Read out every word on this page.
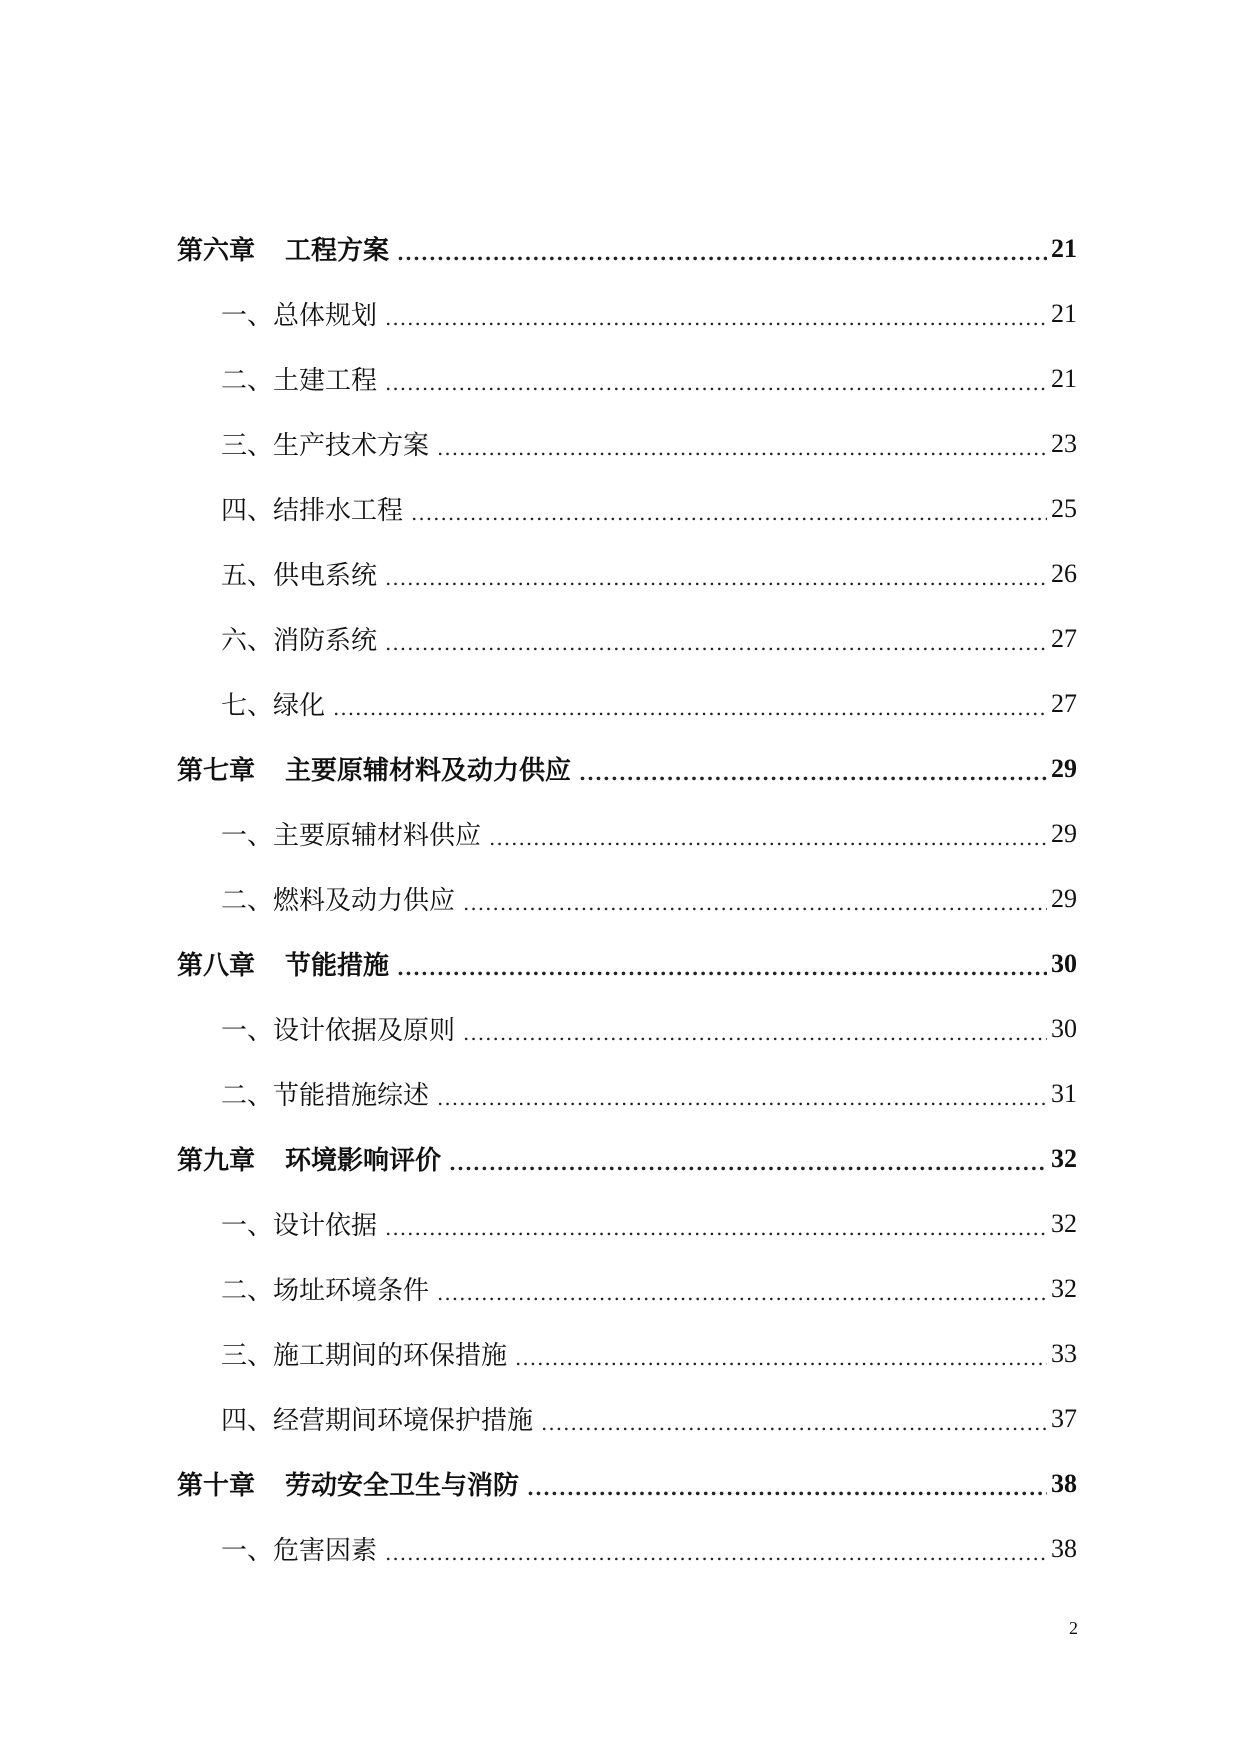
第六章 工程方案 .....	21
一、总体规划 .....	21
二、土建工程 .....	21
三、生产技术方案 .....	23
四、结排水工程 .....	25
五、供电系统 .....	26
六、消防系统 .....	27
七、绿化 .....	27
第七章 主要原辅材料及动力供应 .....	29
一、主要原辅材料供应 .....	29
二、燃料及动力供应 .....	29
第八章 节能措施 .....	30
一、设计依据及原则 .....	30
二、节能措施综述 .....	31
第九章 环境影响评价 .....	32
一、设计依据 .....	32
二、场址环境条件 .....	32
三、施工期间的环保措施 .....	33
四、经营期间环境保护措施 .....	37
第十章 劳动安全卫生与消防 .....	38
一、危害因素 .....	38
2
